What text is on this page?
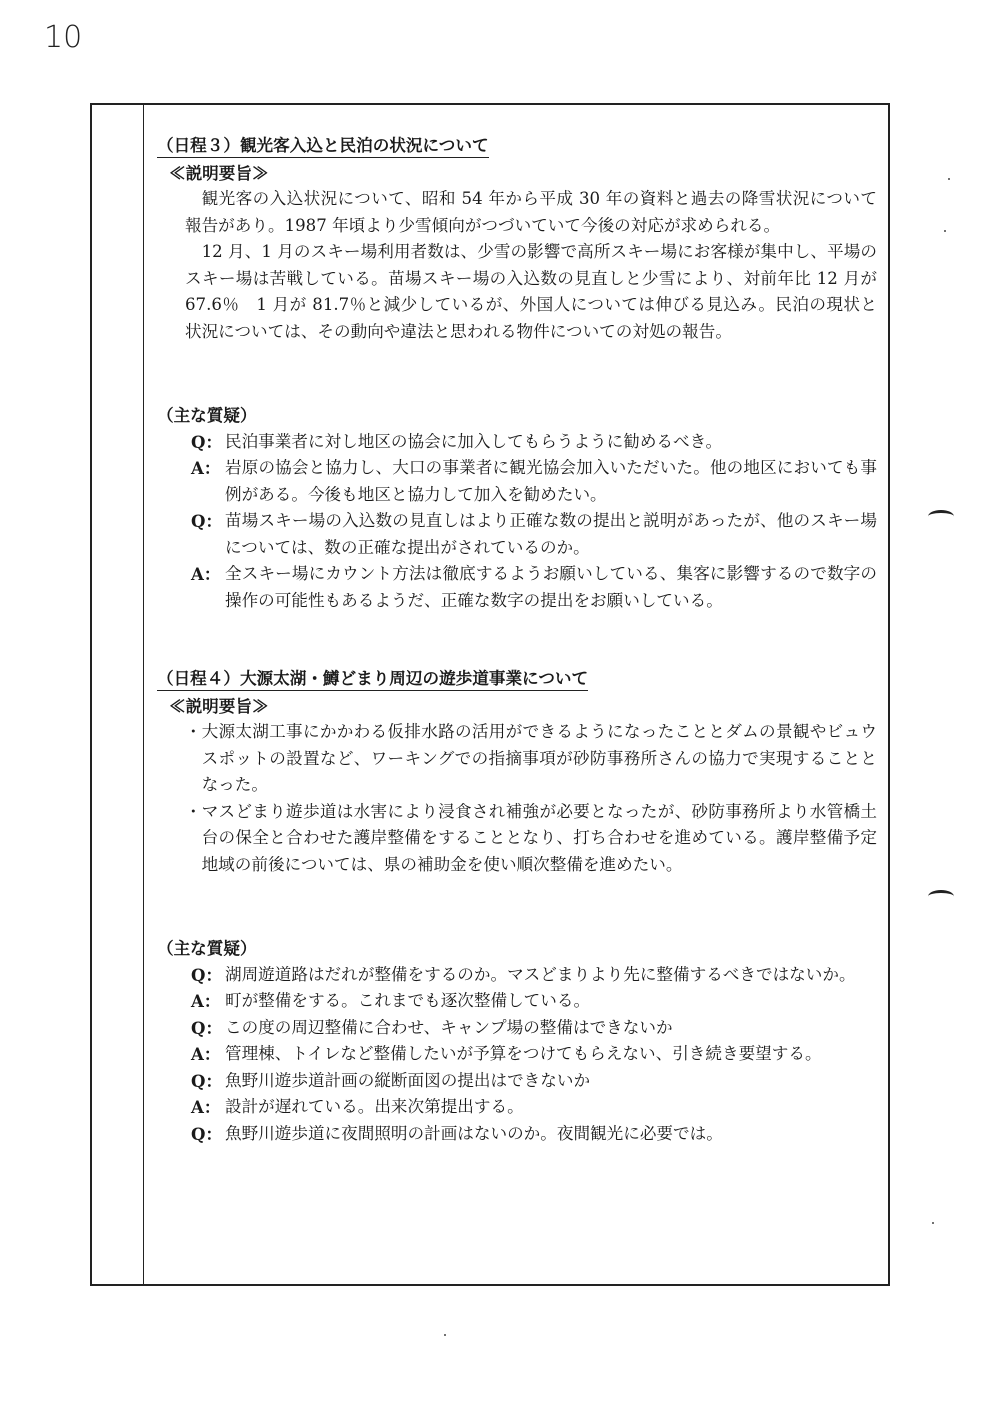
10
（日程３）観光客入込と民泊の状況について
≪説明要旨≫

観光客の入込状況について、昭和 54 年から平成 30 年の資料と過去の降雪状況について報告があり。1987 年頃より少雪傾向がつづいていて今後の対応が求められる。

12 月、1 月のスキー場利用者数は、少雪の影響で高所スキー場にお客様が集中し、平場のスキー場は苦戦している。苗場スキー場の入込数の見直しと少雪により、対前年比 12 月が 67.6％　1 月が 81.7％と減少しているが、外国人については伸びる見込み。民泊の現状と状況については、その動向や違法と思われる物件についての対処の報告。

（主な質疑）
Q： 民泊事業者に対し地区の協会に加入してもらうように勧めるべき。
A： 岩原の協会と協力し、大口の事業者に観光協会加入いただいた。他の地区においても事例がある。今後も地区と協力して加入を勧めたい。
Q： 苗場スキー場の入込数の見直しはより正確な数の提出と説明があったが、他のスキー場については、数の正確な提出がされているのか。
A： 全スキー場にカウント方法は徹底するようお願いしている、集客に影響するので数字の操作の可能性もあるようだ、正確な数字の提出をお願いしている。
（日程４）大源太湖・鱒どまり周辺の遊歩道事業について
≪説明要旨≫
・ 大源太湖工事にかかわる仮排水路の活用ができるようになったこととダムの景観やビュウスポットの設置など、ワーキングでの指摘事項が砂防事務所さんの協力で実現することとなった。
・ マスどまり遊歩道は水害により浸食され補強が必要となったが、砂防事務所より水管橋土台の保全と合わせた護岸整備をすることとなり、打ち合わせを進めている。護岸整備予定地域の前後については、県の補助金を使い順次整備を進めたい。
（主な質疑）
Q： 湖周遊道路はだれが整備をするのか。マスどまりより先に整備するべきではないか。
A： 町が整備をする。これまでも逐次整備している。
Q： この度の周辺整備に合わせ、キャンプ場の整備はできないか
A： 管理棟、トイレなど整備したいが予算をつけてもらえない、引き続き要望する。
Q： 魚野川遊歩道計画の縦断面図の提出はできないか
A： 設計が遅れている。出来次第提出する。
Q： 魚野川遊歩道に夜間照明の計画はないのか。夜間観光に必要では。
